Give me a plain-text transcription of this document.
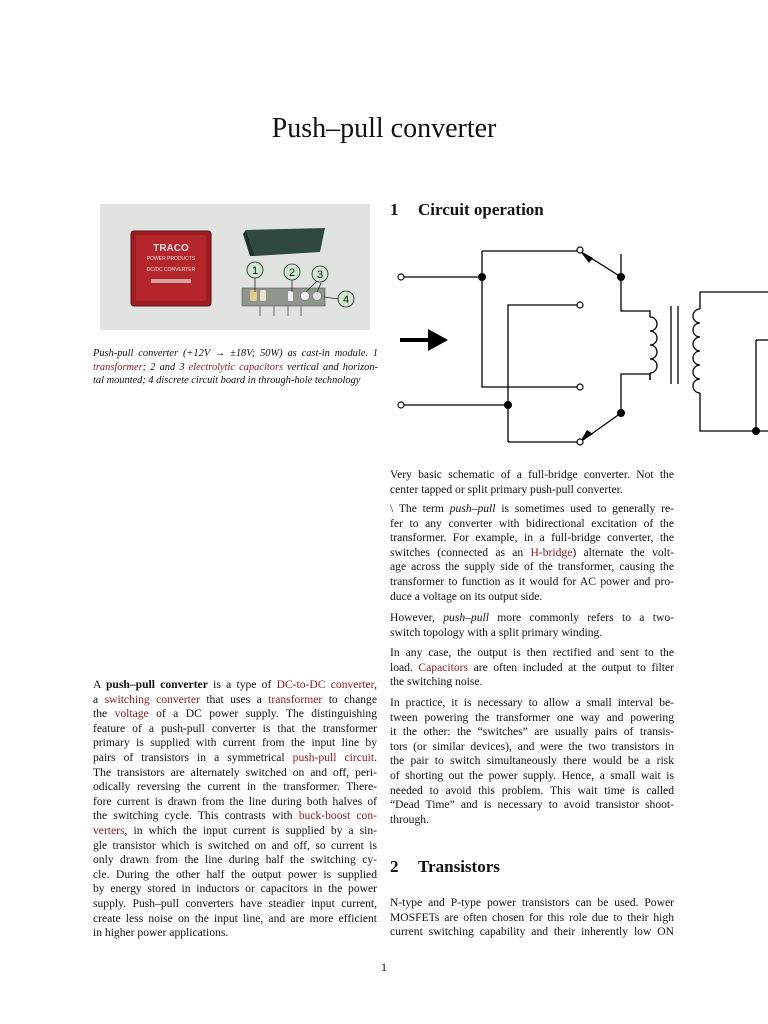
Push–pull converter
TRACO
POWER PRODUCTS
DC/DC CONVERTER	1	2 3
4
Push-pull converter (+12V → ±18V; 50W) as cast-in module. 1
transformer; 2 and 3 electrolytic capacitors vertical and horizon-
tal mounted; 4 discrete circuit board in through-hole technology
1 Circuit operation
Very basic schematic of a full-bridge converter. Not the
center tapped or split primary push-pull converter.
\ The term push–pull is sometimes used to generally re-
fer to any converter with bidirectional excitation of the
transformer. For example, in a full-bridge converter, the
switches (connected as an H-bridge) alternate the volt-
age across the supply side of the transformer, causing the
transformer to function as it would for AC power and pro-
duce a voltage on its output side.
However, push–pull more commonly refers to a two-
switch topology with a split primary winding.
In any case, the output is then rectified and sent to the
load. Capacitors are often included at the output to filter
the switching noise.
In practice, it is necessary to allow a small interval be-
tween powering the transformer one way and powering
it the other: the “switches” are usually pairs of transis-
tors (or similar devices), and were the two transistors in
the pair to switch simultaneously there would be a risk
of shorting out the power supply. Hence, a small wait is
needed to avoid this problem. This wait time is called
“Dead Time” and is necessary to avoid transistor shoot-
through.
2 Transistors
N-type and P-type power transistors can be used. Power
MOSFETs are often chosen for this role due to their high
current switching capability and their inherently low ON
A push–pull converter is a type of DC-to-DC converter,
a switching converter that uses a transformer to change
the voltage of a DC power supply. The distinguishing
feature of a push-pull converter is that the transformer
primary is supplied with current from the input line by
pairs of transistors in a symmetrical push-pull circuit.
The transistors are alternately switched on and off, peri-
odically reversing the current in the transformer. There-
fore current is drawn from the line during both halves of
the switching cycle. This contrasts with buck-boost con-
verters, in which the input current is supplied by a sin-
gle transistor which is switched on and off, so current is
only drawn from the line during half the switching cy-
cle. During the other half the output power is supplied
by energy stored in inductors or capacitors in the power
supply. Push–pull converters have steadier input current,
create less noise on the input line, and are more efficient
in higher power applications.
1
